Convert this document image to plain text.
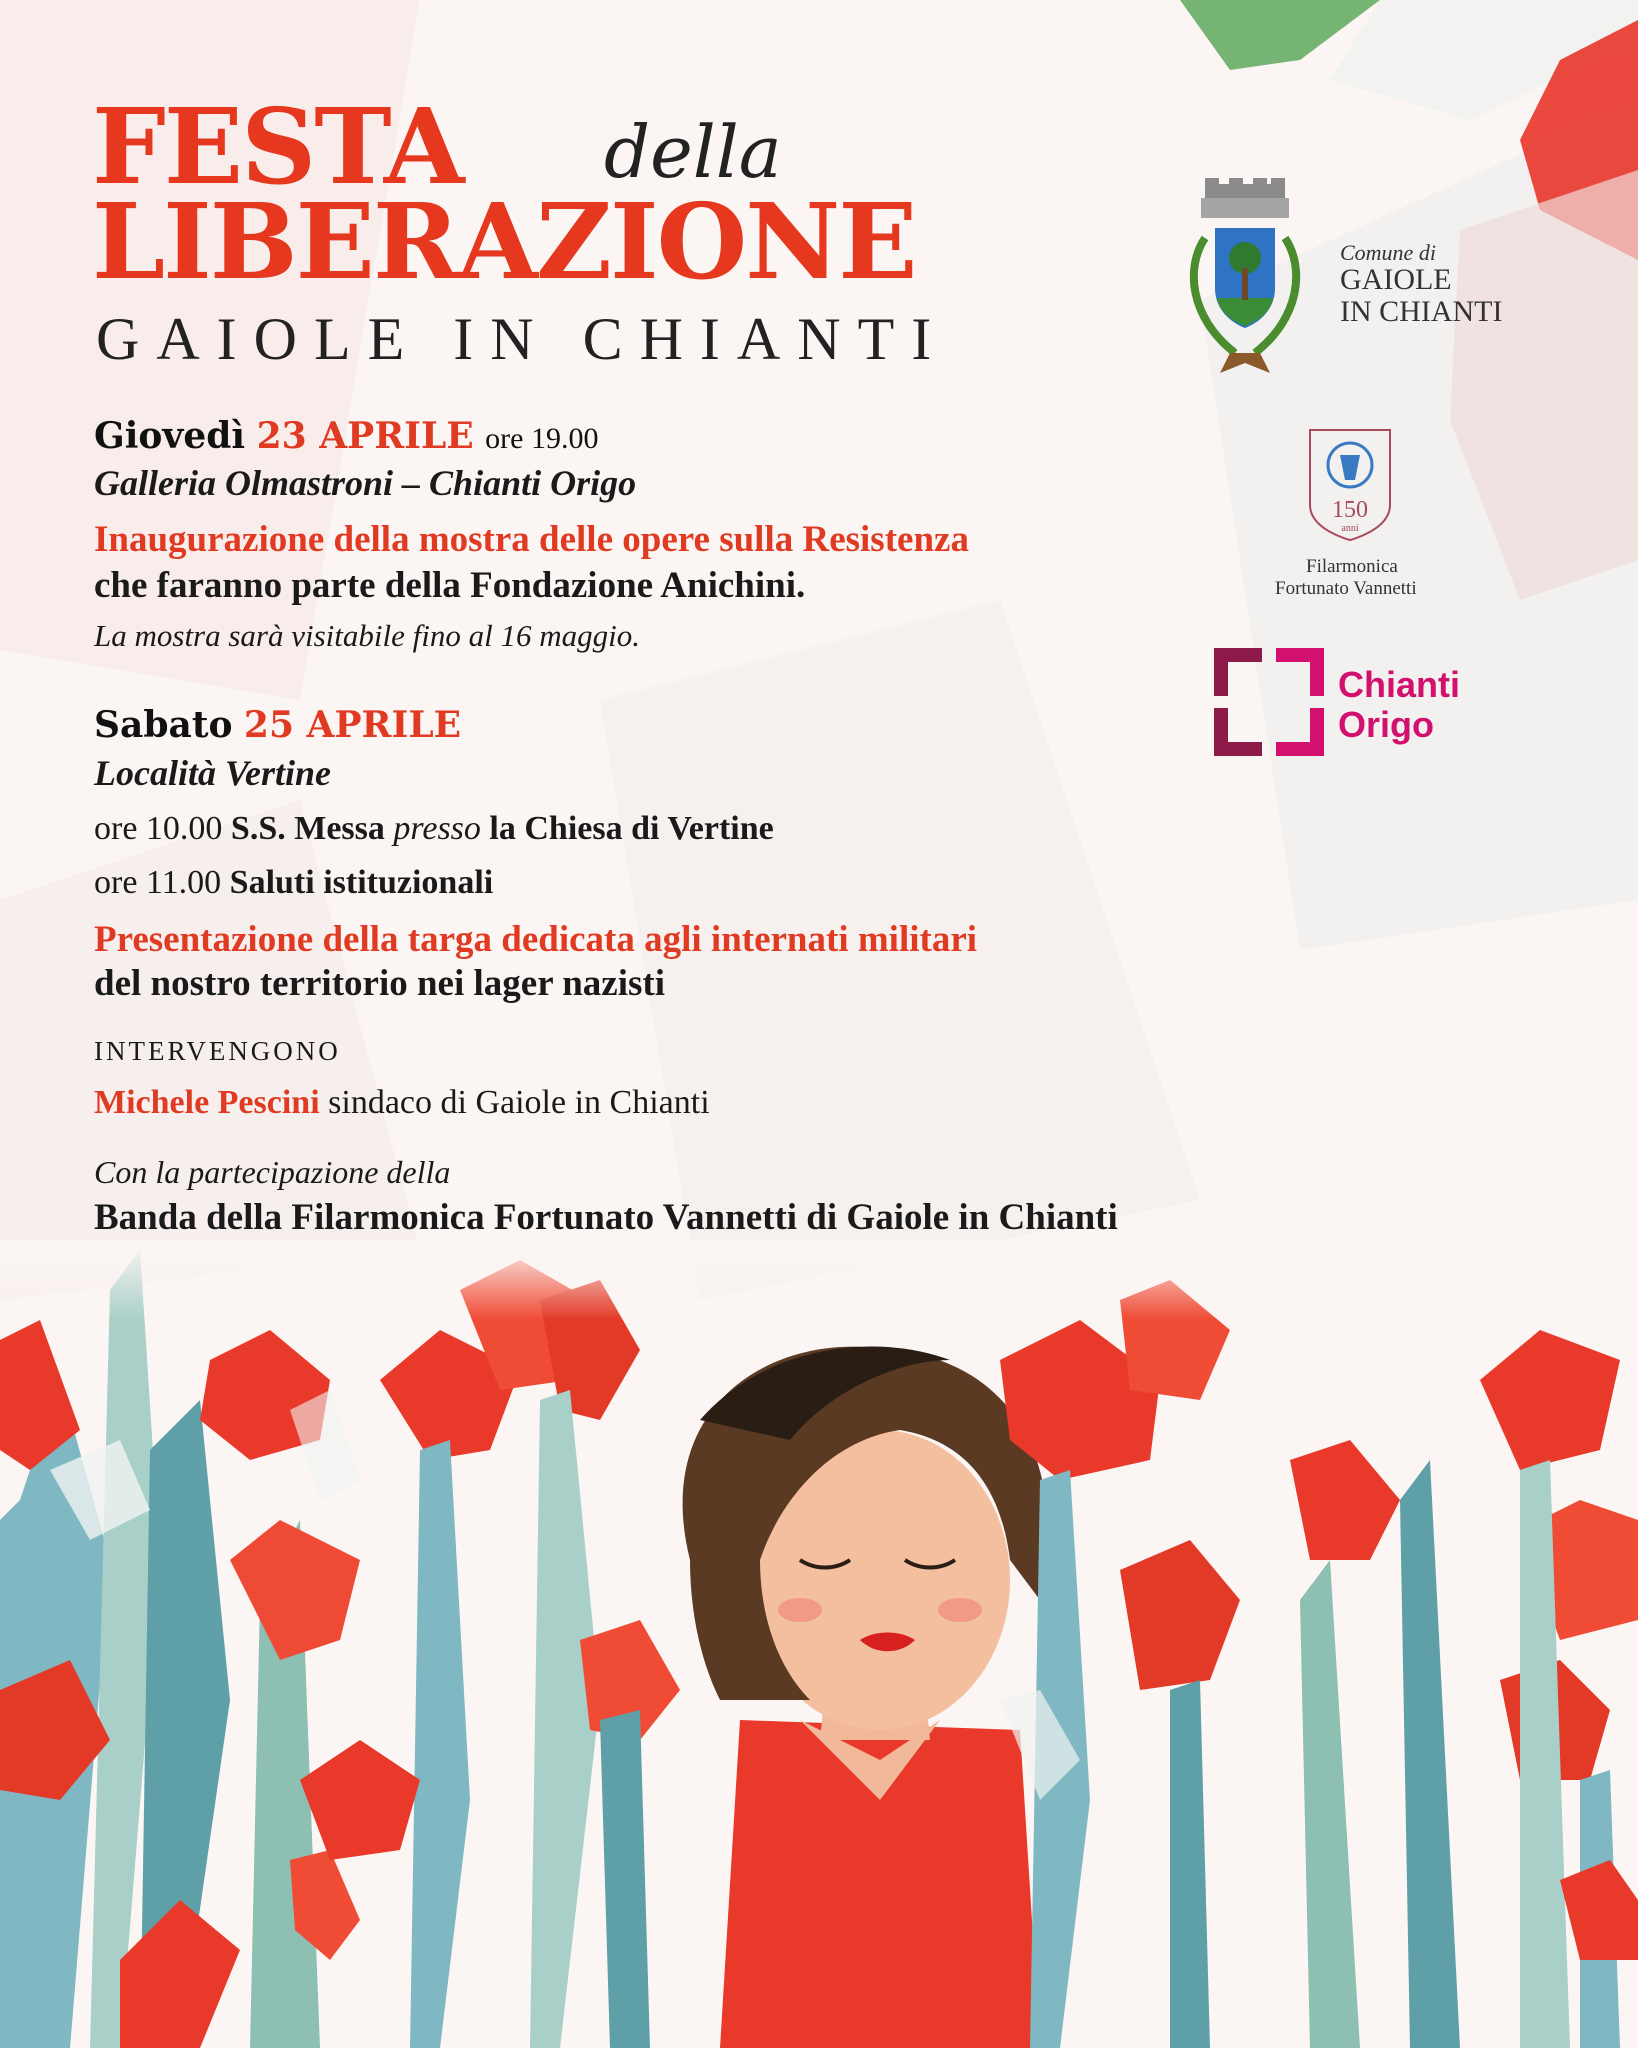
FESTA della
LIBERAZIONE
GAIOLE IN CHIANTI
Giovedì 23 APRILE ore 19.00
Galleria Olmastroni – Chianti Origo
Inaugurazione della mostra delle opere sulla Resistenza
che faranno parte della Fondazione Anichini.
La mostra sarà visitabile fino al 16 maggio.
Sabato 25 APRILE
Località Vertine
ore 10.00 S.S. Messa presso la Chiesa di Vertine
ore 11.00 Saluti istituzionali
Presentazione della targa dedicata agli internati militari
del nostro territorio nei lager nazisti
INTERVENGONO
Michele Pescini sindaco di Gaiole in Chianti
Con la partecipazione della
Banda della Filarmonica Fortunato Vannetti di Gaiole in Chianti
Comune di
GAIOLE
IN CHIANTI
150
anni
Filarmonica
Fortunato Vannetti
Chianti
Origo
